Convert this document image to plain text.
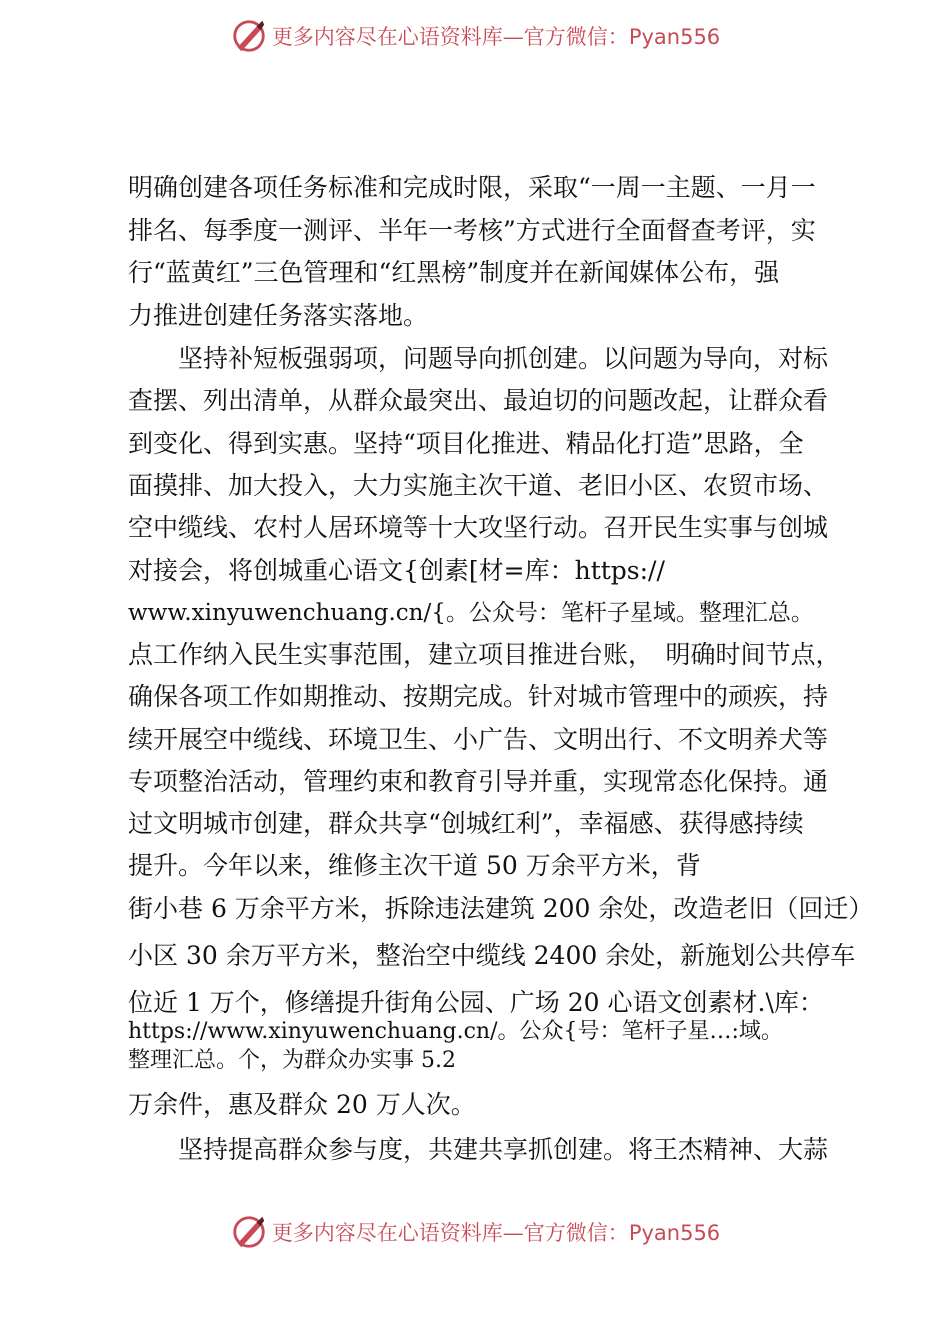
更多内容尽在心语资料库—官方微信：Pyan556
明确创建各项任务标准和完成时限，采取“一周一主题、一月一
排名、每季度一测评、半年一考核”方式进行全面督查考评，实
行“蓝黄红”三色管理和“红黑榜”制度并在新闻媒体公布，强
力推进创建任务落实落地。
　　坚持补短板强弱项，问题导向抓创建。以问题为导向，对标
查摆、列出清单，从群众最突出、最迫切的问题改起，让群众看
到变化、得到实惠。坚持“项目化推进、精品化打造”思路，全
面摸排、加大投入，大力实施主次干道、老旧小区、农贸市场、
空中缆线、农村人居环境等十大攻坚行动。召开民生实事与创城
对接会，将创城重心语文{创素[材=库：https://
www.xinyuwenchuang.cn/{。公众号：笔杆子星域。整理汇总。
点工作纳入民生实事范围，建立项目推进台账，　明确时间节点，
确保各项工作如期推动、按期完成。针对城市管理中的顽疾，持
续开展空中缆线、环境卫生、小广告、文明出行、不文明养犬等
专项整治活动，管理约束和教育引导并重，实现常态化保持。通
过文明城市创建，群众共享“创城红利”，幸福感、获得感持续
提升。今年以来，维修主次干道 50 万余平方米，背
街小巷 6 万余平方米，拆除违法建筑 200 余处，改造老旧（回迁）
小区 30 余万平方米，整治空中缆线 2400 余处，新施划公共停车
位近 1 万个，修缮提升街角公园、广场 20 心语文创素材.\库：
https://www.xinyuwenchuang.cn/。公众{号：笔杆子星…:域。
整理汇总。个，为群众办实事 5.2
万余件，惠及群众 20 万人次。
　　坚持提高群众参与度，共建共享抓创建。将王杰精神、大蒜
更多内容尽在心语资料库—官方微信：Pyan556
